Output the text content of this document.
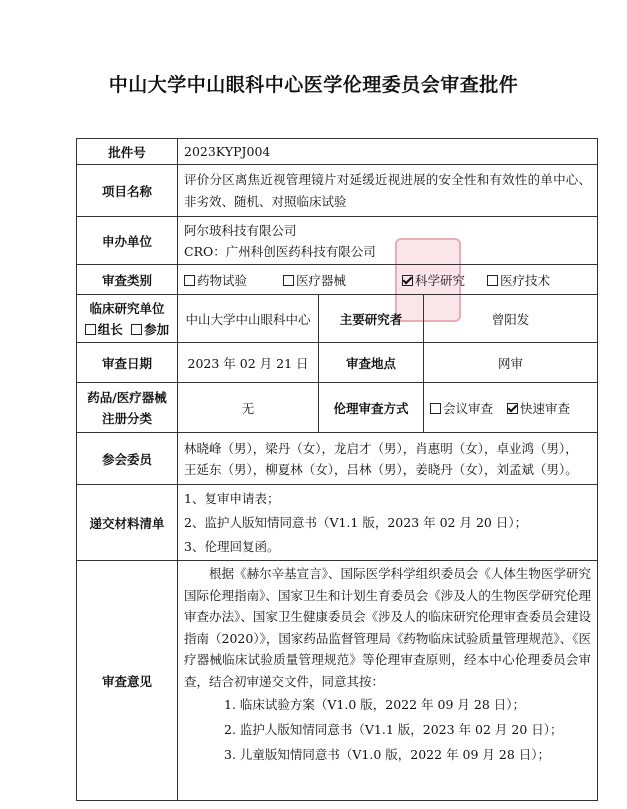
中山大学中山眼科中心医学伦理委员会审查批件
批件号	2023KYPJ004		
项目名称	评价分区离焦近视管理镜片对延缓近视进展的安全性和有效性的单中心、非劣效、随机、对照临床试验		
申办单位	阿尔玻科技有限公司
CRO：广州科创医药科技有限公司		

审查类别	药物试验 医疗器械 科学研究 医疗技术		

临床研究单位
组长 参加	中山大学中山眼科中心	主要研究者	曾阳发
审查日期	2023 年 02 月 21 日	审查地点	网审

药品/医疗器械
注册分类	无	伦理审查方式	会议审查 快速审查
参会委员	林晓峰（男），梁丹（女），龙启才（男），肖惠明（女），卓业鸿（男），
王延东（男），柳夏林（女），吕林（男），姜晓丹（女），刘孟斌（男）。		

递交材料清单	1、复审申请表；
2、监护人版知情同意书（V1.1 版，2023 年 02 月 20 日）；
3、伦理回复函。		

审查意见	根据《赫尔辛基宣言》、国际医学科学组织委员会《人体生物医学研究国际伦理指南》、国家卫生和计划生育委员会《涉及人的生物医学研究伦理审查办法》、国家卫生健康委员会《涉及人的临床研究伦理审查委员会建设指南（2020）》，国家药品监督管理局《药物临床试验质量管理规范》、《医疗器械临床试验质量管理规范》等伦理审查原则，经本中心伦理委员会审查，结合初审递交文件，同意其按：
1. 临床试验方案（V1.0 版，2022 年 09 月 28 日）；
2. 监护人版知情同意书（V1.1 版，2023 年 02 月 20 日）；
3. 儿童版知情同意书（V1.0 版，2022 年 09 月 28 日）；		
